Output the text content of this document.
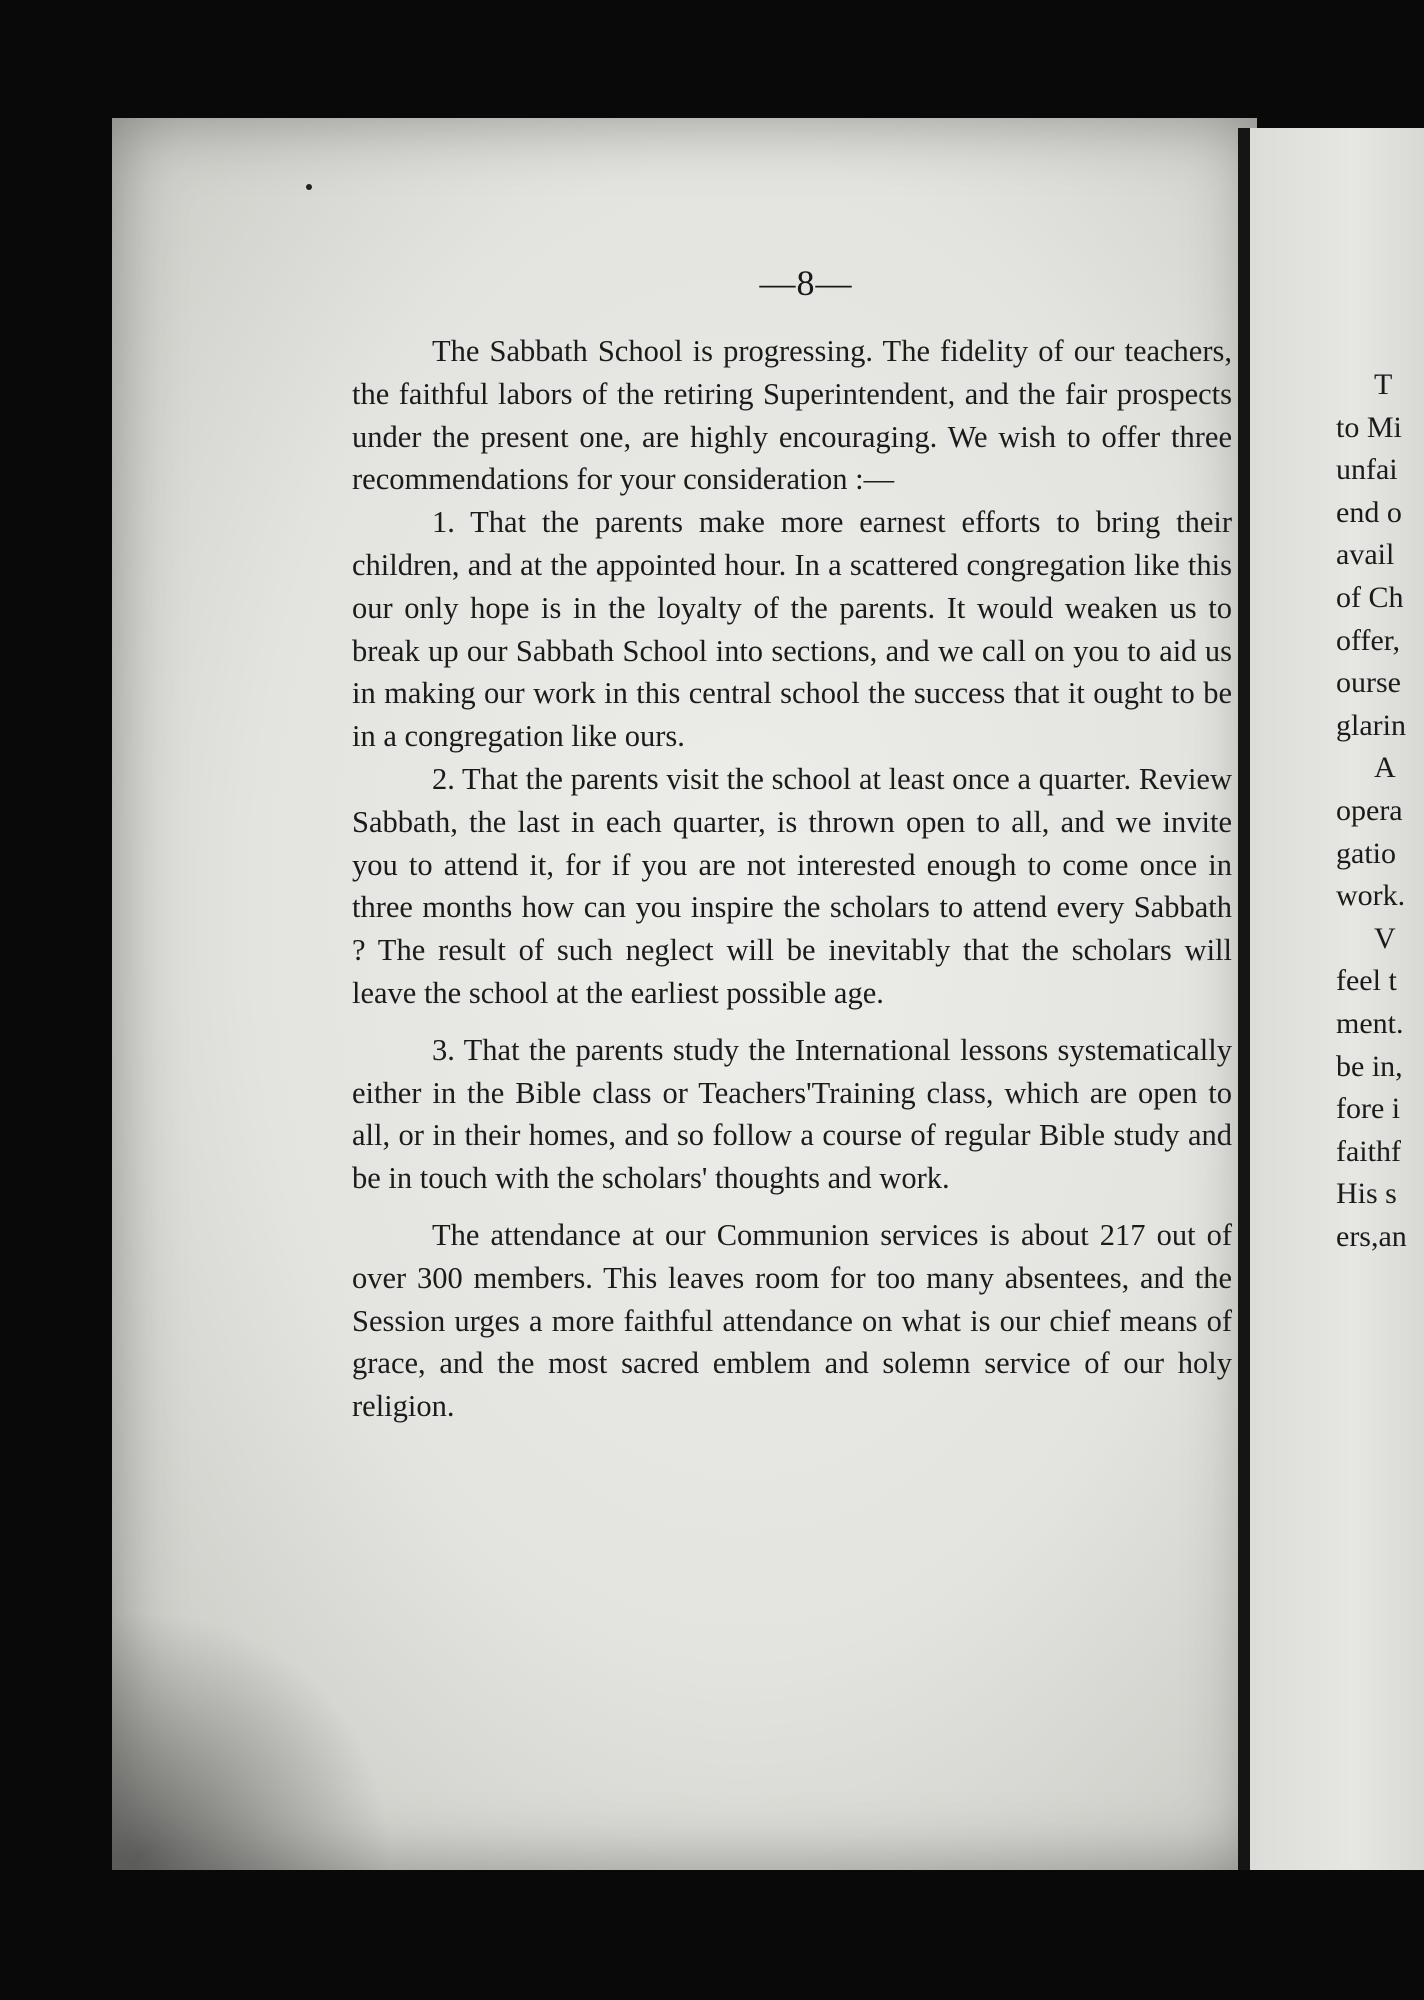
—8—

The Sabbath School is progressing. The fidelity of our teachers, the faithful labors of the retiring Superintendent, and the fair prospects under the present one, are highly encouraging. We wish to offer three recommendations for your consideration :—

1. That the parents make more earnest efforts to bring their children, and at the appointed hour. In a scattered congregation like this our only hope is in the loyalty of the parents. It would weaken us to break up our Sabbath School into sections, and we call on you to aid us in making our work in this central school the success that it ought to be in a congregation like ours.

2. That the parents visit the school at least once a quarter. Review Sabbath, the last in each quarter, is thrown open to all, and we invite you to attend it, for if you are not interested enough to come once in three months how can you inspire the scholars to attend every Sabbath ? The result of such neglect will be inevitably that the scholars will leave the school at the earliest possible age.

3. That the parents study the International lessons systematically either in the Bible class or Teachers'Training class, which are open to all, or in their homes, and so follow a course of regular Bible study and be in touch with the scholars' thoughts and work.

The attendance at our Communion services is about 217 out of over 300 members. This leaves room for too many absentees, and the Session urges a more faithful attendance on what is our chief means of grace, and the most sacred emblem and solemn service of our holy religion.

T
to Mi
unfai
end o
avail
of Ch
offer,
ourse
glarin
A
opera
gatio
work.
V
feel t
ment.
be in,
fore i
faithf
His s
ers,an
